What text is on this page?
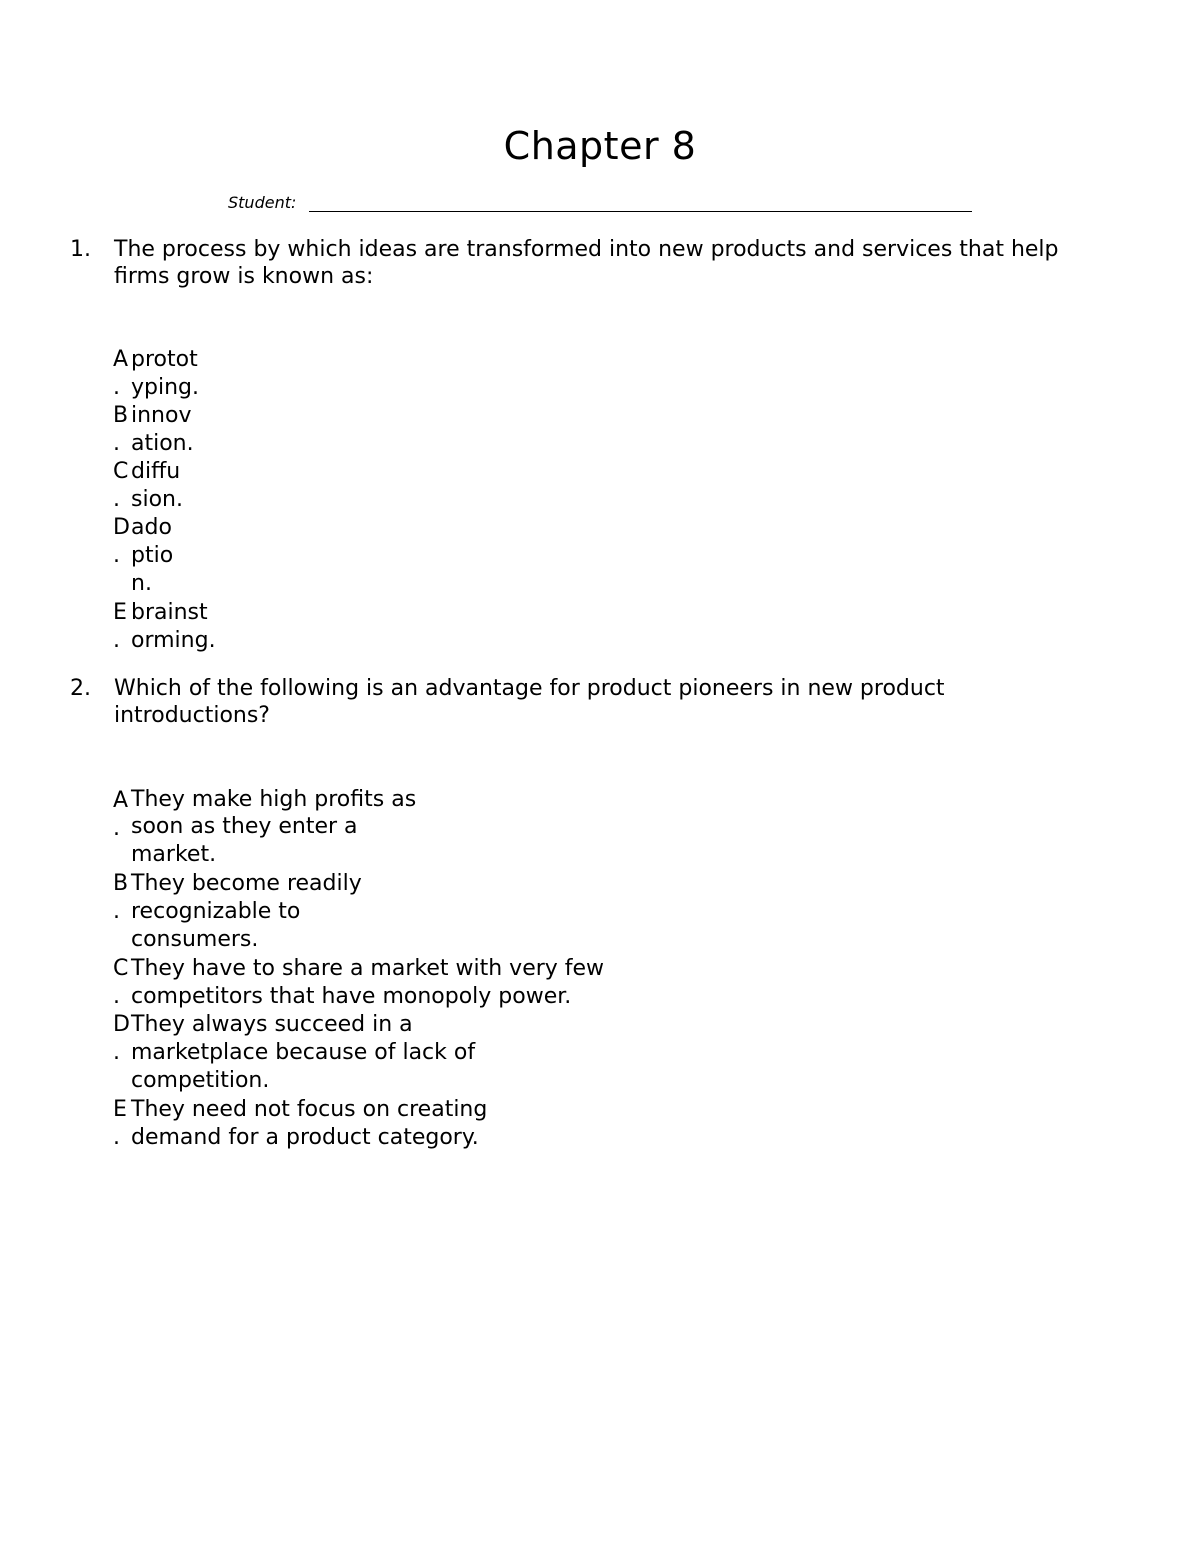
Chapter 8
Student:
1. The process by which ideas are transformed into new products and services that help
firms grow is known as:
A
.
protot
yping.
B
.
innov
ation.
C
.
diffu
sion.
D
.
ado
ptio
n.
E
.
brainst
orming.
2. Which of the following is an advantage for product pioneers in new product
introductions?
A
.
They make high profits as
soon as they enter a
market.
B
.
They become readily
recognizable to
consumers.
C
.
They have to share a market with very few
competitors that have monopoly power.
D
.
They always succeed in a
marketplace because of lack of
competition.
E
.
They need not focus on creating
demand for a product category.
